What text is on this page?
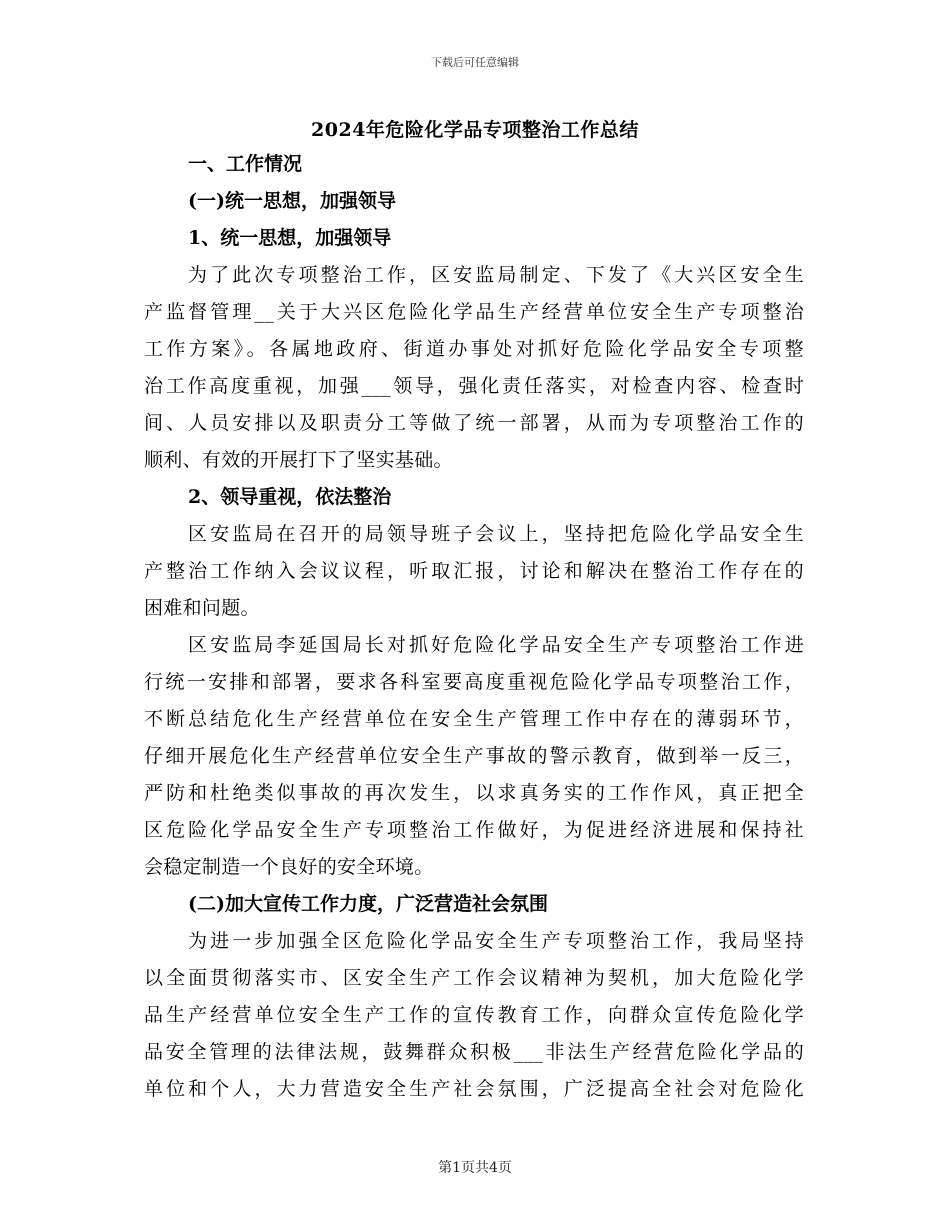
下载后可任意编辑
2024年危险化学品专项整治工作总结
一、工作情况
(一)统一思想，加强领导
1、统一思想，加强领导
为了此次专项整治工作，区安监局制定、下发了《大兴区安全生
产监督管理__关于大兴区危险化学品生产经营单位安全生产专项整治
工作方案》。各属地政府、街道办事处对抓好危险化学品安全专项整
治工作高度重视，加强___领导，强化责任落实，对检查内容、检查时
间、人员安排以及职责分工等做了统一部署，从而为专项整治工作的
顺利、有效的开展打下了坚实基础。
2、领导重视，依法整治
区安监局在召开的局领导班子会议上，坚持把危险化学品安全生
产整治工作纳入会议议程，听取汇报，讨论和解决在整治工作存在的
困难和问题。
区安监局李延国局长对抓好危险化学品安全生产专项整治工作进
行统一安排和部署，要求各科室要高度重视危险化学品专项整治工作，
不断总结危化生产经营单位在安全生产管理工作中存在的薄弱环节，
仔细开展危化生产经营单位安全生产事故的警示教育，做到举一反三，
严防和杜绝类似事故的再次发生，以求真务实的工作作风，真正把全
区危险化学品安全生产专项整治工作做好，为促进经济进展和保持社
会稳定制造一个良好的安全环境。
(二)加大宣传工作力度，广泛营造社会氛围
为进一步加强全区危险化学品安全生产专项整治工作，我局坚持
以全面贯彻落实市、区安全生产工作会议精神为契机，加大危险化学
品生产经营单位安全生产工作的宣传教育工作，向群众宣传危险化学
品安全管理的法律法规，鼓舞群众积极___非法生产经营危险化学品的
单位和个人，大力营造安全生产社会氛围，广泛提高全社会对危险化
第1页共4页
